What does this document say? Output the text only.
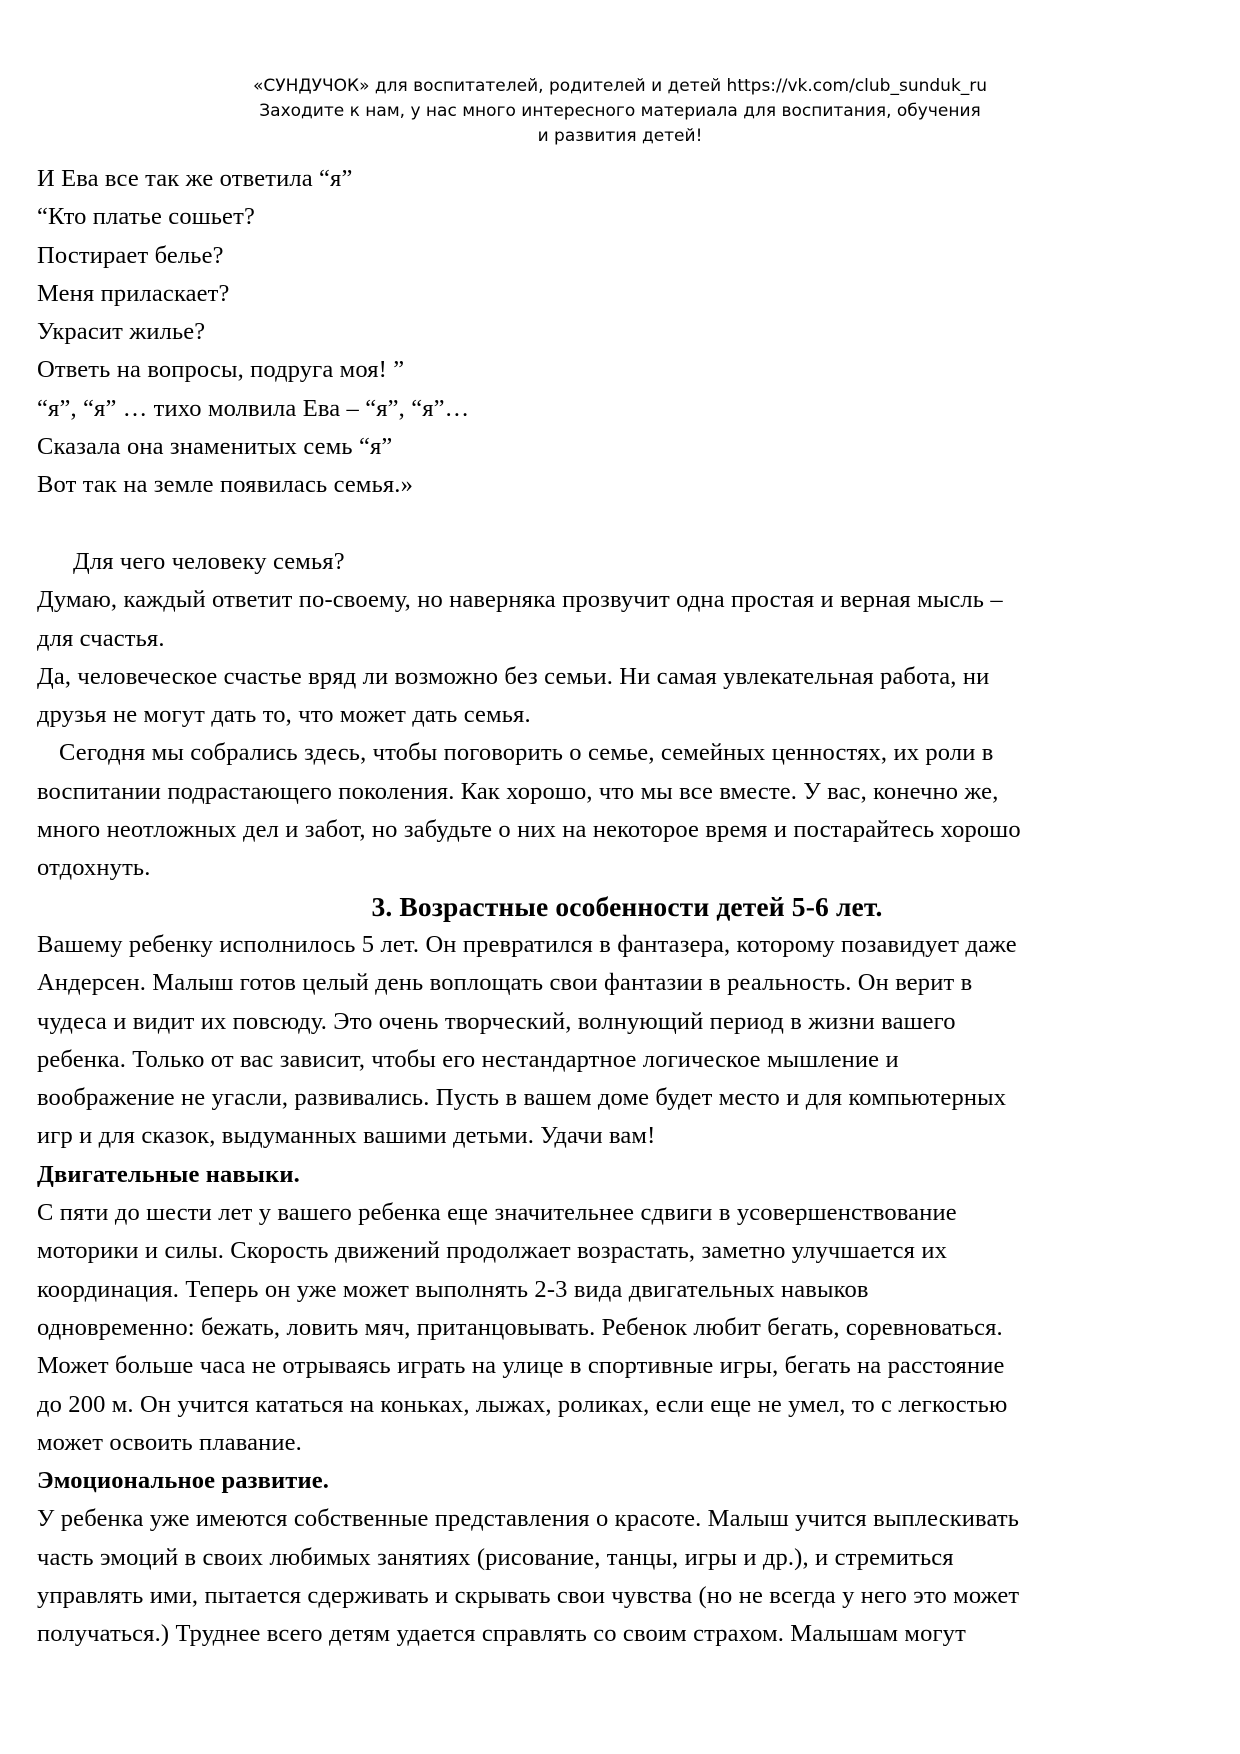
«СУНДУЧОК» для воспитателей, родителей и детей https://vk.com/club_sunduk_ru
Заходите к нам, у нас много интересного материала для воспитания, обучения
и развития детей!
И Ева все так же ответила “я”
“Кто платье сошьет?
Постирает белье?
Меня приласкает?
Украсит жилье?
Ответь на вопросы, подруга моя! ”
“я”, “я” … тихо молвила Ева – “я”, “я”…
Сказала она знаменитых семь “я”
Вот так на земле появилась семья.»
Для чего человеку семья?
Думаю, каждый ответит по-своему, но наверняка прозвучит одна простая и верная мысль –
для счастья.
Да, человеческое счастье вряд ли возможно без семьи. Ни самая увлекательная работа, ни
друзья не могут дать то, что может дать семья.
Сегодня мы собрались здесь, чтобы поговорить о семье, семейных ценностях, их роли в
воспитании подрастающего поколения. Как хорошо, что мы все вместе. У вас, конечно же,
много неотложных дел и забот, но забудьте о них на некоторое время и постарайтесь хорошо
отдохнуть.
3. Возрастные особенности детей 5-6 лет.
Вашему ребенку исполнилось 5 лет. Он превратился в фантазера, которому позавидует даже
Андерсен. Малыш готов целый день воплощать свои фантазии в реальность. Он верит в
чудеса и видит их повсюду. Это очень творческий, волнующий период в жизни вашего
ребенка. Только от вас зависит, чтобы его нестандартное логическое мышление и
воображение не угасли, развивались. Пусть в вашем доме будет место и для компьютерных
игр и для сказок, выдуманных вашими детьми. Удачи вам!
Двигательные навыки.
С пяти до шести лет у вашего ребенка еще значительнее сдвиги в усовершенствование
моторики и силы. Скорость движений продолжает возрастать, заметно улучшается их
координация. Теперь он уже может выполнять 2-3 вида двигательных навыков
одновременно: бежать, ловить мяч, пританцовывать. Ребенок любит бегать, соревноваться.
Может больше часа не отрываясь играть на улице в спортивные игры, бегать на расстояние
до 200 м. Он учится кататься на коньках, лыжах, роликах, если еще не умел, то с легкостью
может освоить плавание.
Эмоциональное развитие.
У ребенка уже имеются собственные представления о красоте. Малыш учится выплескивать
часть эмоций в своих любимых занятиях (рисование, танцы, игры и др.), и стремиться
управлять ими, пытается сдерживать и скрывать свои чувства (но не всегда у него это может
получаться.) Труднее всего детям удается справлять со своим страхом. Малышам могут
